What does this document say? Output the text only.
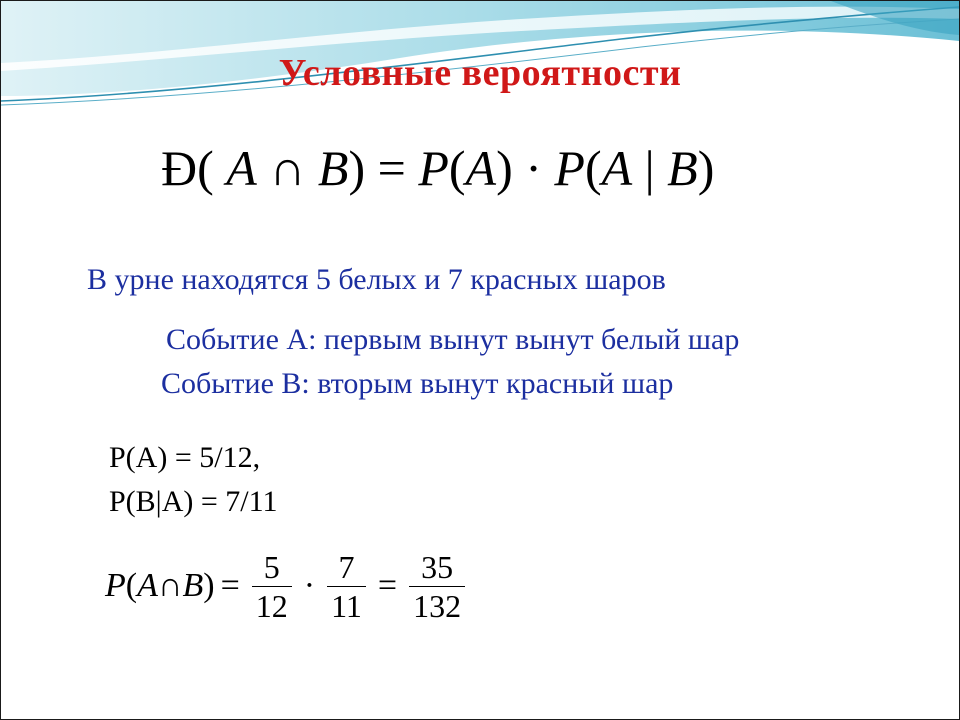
Условные вероятности
Ð( A ∩ B) = P(A) · P(A | B)
В урне находятся 5 белых и 7 красных шаров
Событие А: первым вынут вынут белый шар
Событие В: вторым вынут красный шар
Р(А) = 5/12,
Р(В|А) = 7/11
P ( A ∩ B ) = $\frac{5}{12} \cdot \frac{7}{11} = \frac{35}{132}$
